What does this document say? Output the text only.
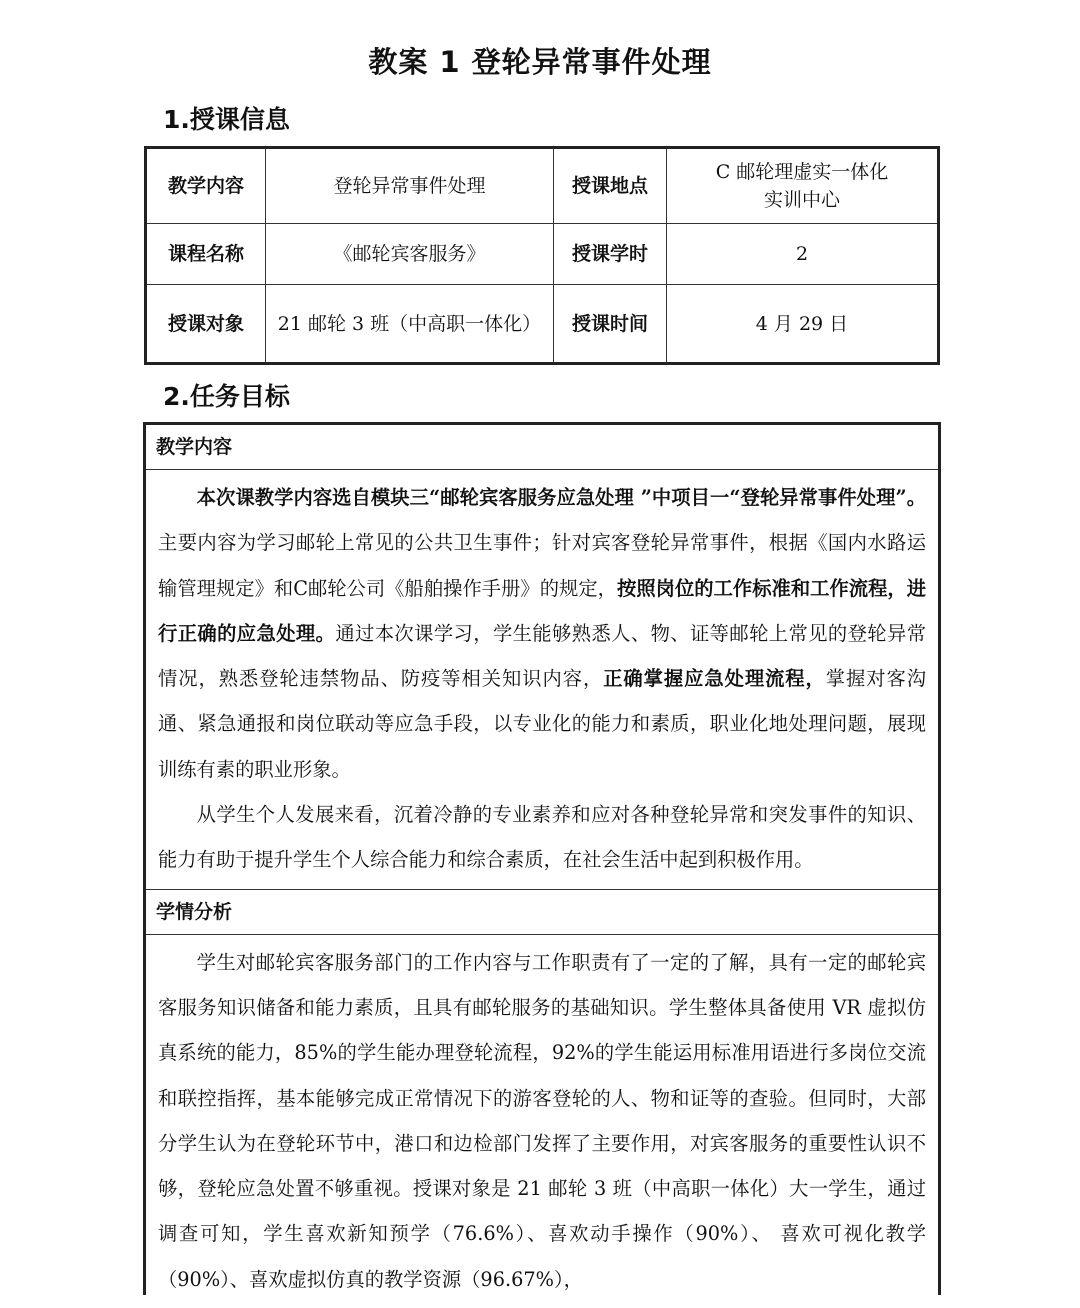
教案 1 登轮异常事件处理
1.授课信息
教学内容	登轮异常事件处理	授课地点	C 邮轮理虚实一体化
实训中心

课程名称	《邮轮宾客服务》	授课学时	2
授课对象	21 邮轮 3 班（中高职一体化）	授课时间	4 月 29 日
2.任务目标
教学内容

本次课教学内容选自模块三“邮轮宾客服务应急处理 ”中项目一“登轮异常事件处理”。主要内容为学习邮轮上常见的公共卫生事件；针对宾客登轮异常事件，根据《国内水路运输管理规定》和C邮轮公司《船舶操作手册》的规定，按照岗位的工作标准和工作流程，进行正确的应急处理。通过本次课学习，学生能够熟悉人、物、证等邮轮上常见的登轮异常情况，熟悉登轮违禁物品、防疫等相关知识内容，正确掌握应急处理流程，掌握对客沟通、紧急通报和岗位联动等应急手段，以专业化的能力和素质，职业化地处理问题，展现训练有素的职业形象。

从学生个人发展来看，沉着冷静的专业素养和应对各种登轮异常和突发事件的知识、能力有助于提升学生个人综合能力和综合素质，在社会生活中起到积极作用。

学情分析

学生对邮轮宾客服务部门的工作内容与工作职责有了一定的了解，具有一定的邮轮宾客服务知识储备和能力素质，且具有邮轮服务的基础知识。学生整体具备使用 VR 虚拟仿真系统的能力，85%的学生能办理登轮流程，92%的学生能运用标准用语进行多岗位交流和联控指挥，基本能够完成正常情况下的游客登轮的人、物和证等的查验。但同时，大部分学生认为在登轮环节中，港口和边检部门发挥了主要作用，对宾客服务的重要性认识不够，登轮应急处置不够重视。授课对象是 21 邮轮 3 班（中高职一体化）大一学生，通过调查可知，学生喜欢新知预学（76.6%）、喜欢动手操作（90%）、 喜欢可视化教学（90%）、喜欢虚拟仿真的教学资源（96.67%），
